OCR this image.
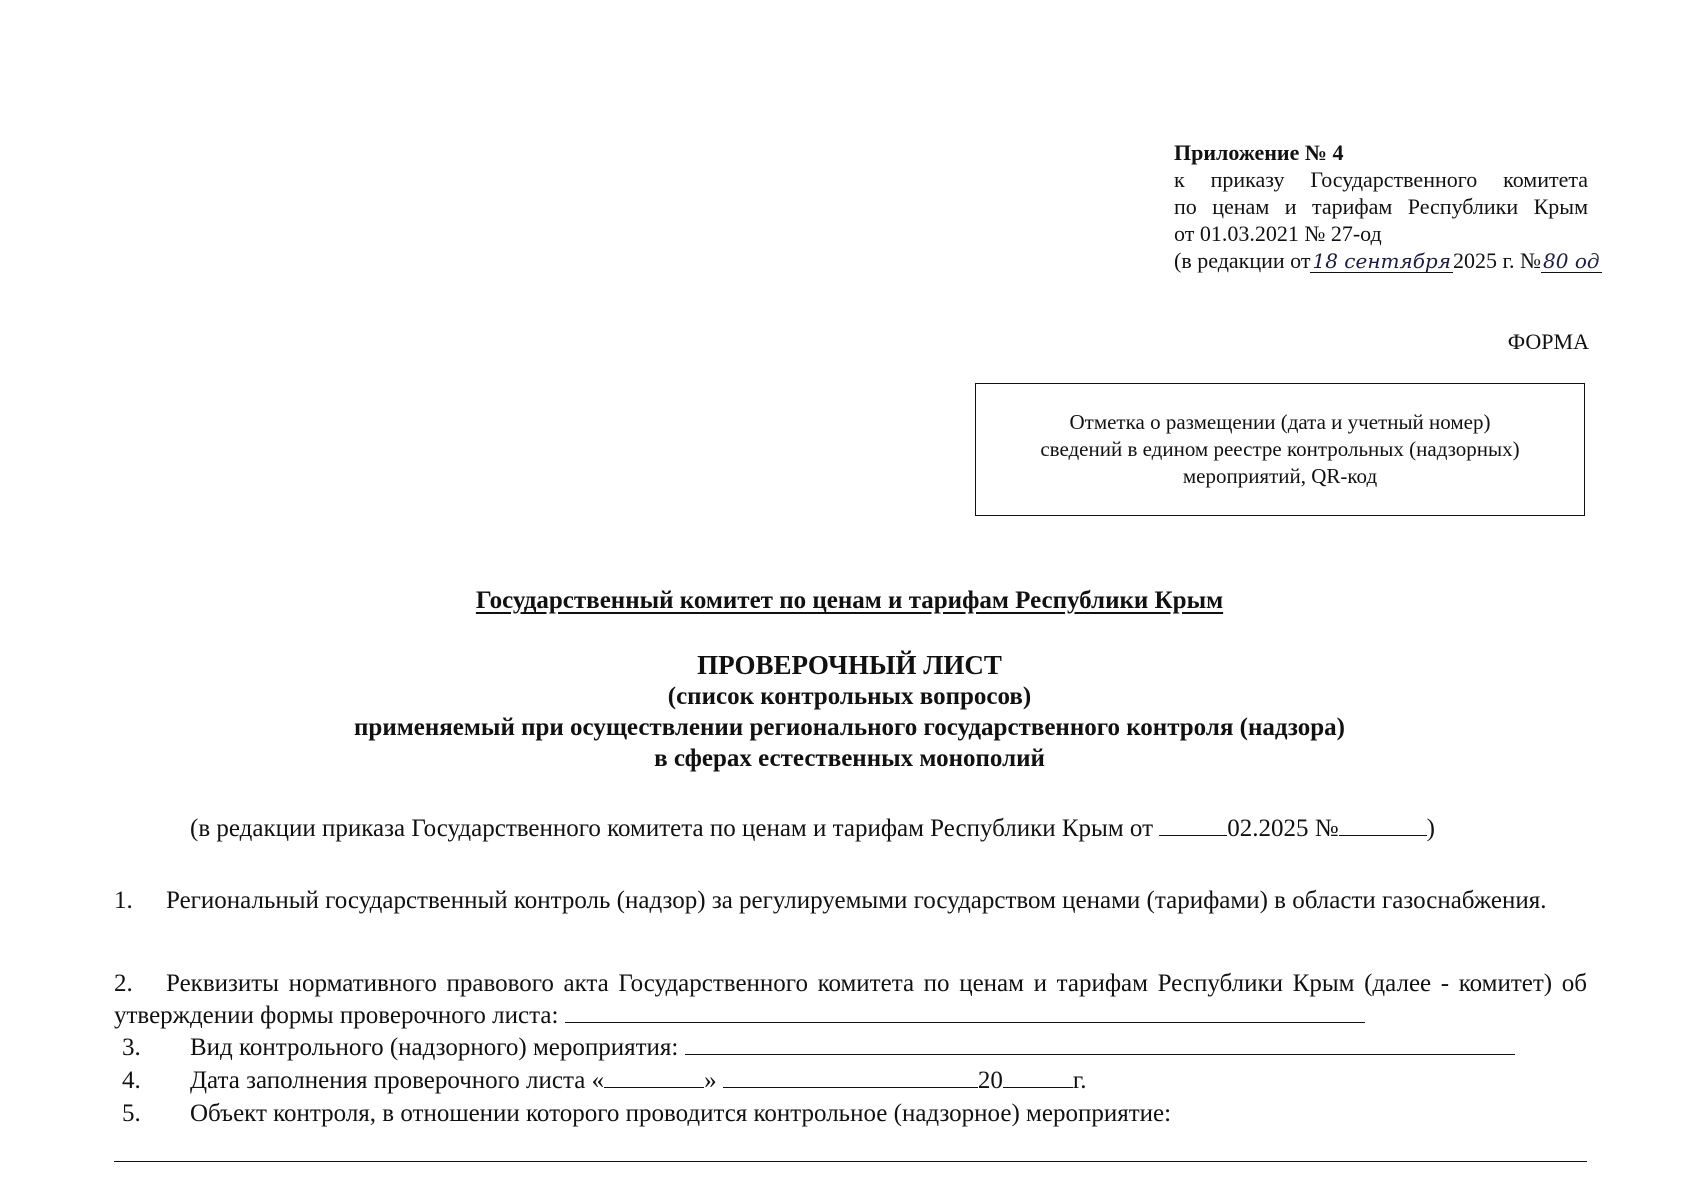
Приложение № 4
к приказу Государственного комитета
по ценам и тарифам Республики Крым
от 01.03.2021 № 27-од
(в редакции от 18 сентября2025 г. № 80 од
ФОРМА
Отметка о размещении (дата и учетный номер)
сведений в едином реестре контрольных (надзорных)
мероприятий, QR-код
Государственный комитет по ценам и тарифам Республики Крым
ПРОВЕРОЧНЫЙ ЛИСТ
(список контрольных вопросов)
применяемый при осуществлении регионального государственного контроля (надзора)
в сферах естественных монополий
(в редакции приказа Государственного комитета по ценам и тарифам Республики Крым от	02.2025 №	)
1. Региональный государственный контроль (надзор) за регулируемыми государством ценами (тарифами) в области газоснабжения.
2. Реквизиты нормативного правового акта Государственного комитета по ценам и тарифам Республики Крым (далее - комитет) об утверждении формы проверочного листа:
3. Вид контрольного (надзорного) мероприятия:
4. Дата заполнения проверочного листа «	»	20	г.
5. Объект контроля, в отношении которого проводится контрольное (надзорное) мероприятие:
